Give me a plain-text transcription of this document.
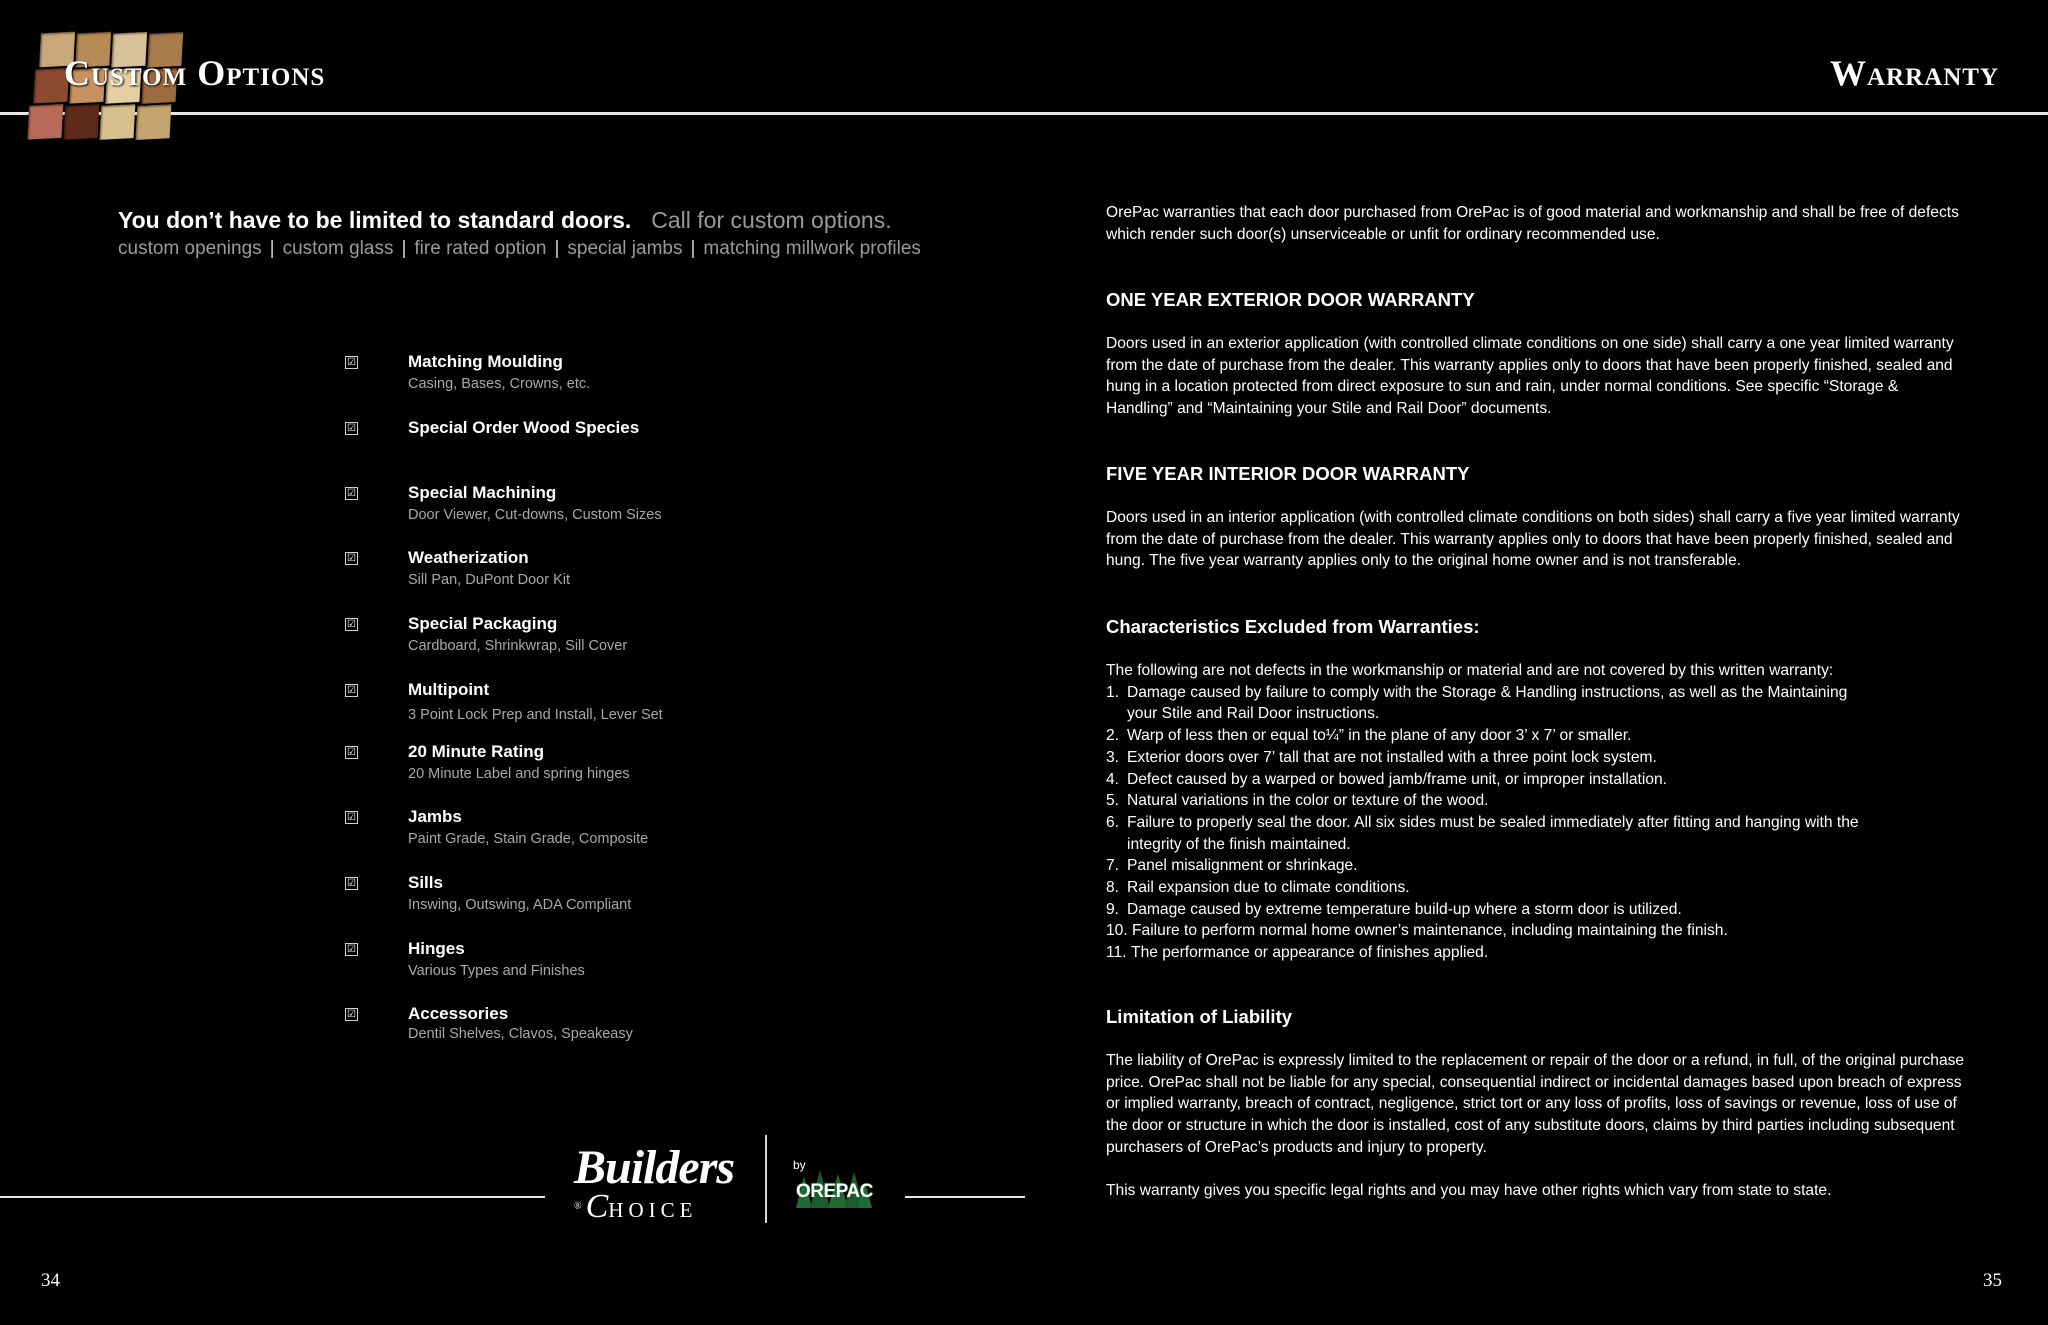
Custom Options	Warranty
You don’t have to be limited to standard doors. Call for custom options.
custom openings | custom glass | fire rated option | special jambs | matching millwork profiles
☑	Matching Moulding
Casing, Bases, Crowns, etc.
☑	Special Order Wood Species
☑	Special Machining
Door Viewer, Cut-downs, Custom Sizes
☑	Weatherization
Sill Pan, DuPont Door Kit
☑	Special Packaging
Cardboard, Shrinkwrap, Sill Cover
☑	Multipoint
3 Point Lock Prep and Install, Lever Set
☑	20 Minute Rating
20 Minute Label and spring hinges
☑	Jambs
Paint Grade, Stain Grade, Composite
☑	Sills
Inswing, Outswing, ADA Compliant
☑	Hinges
Various Types and Finishes
☑	Accessories
Dentil Shelves, Clavos, Speakeasy
Builders
® CHOICE
by
OREPAC
34
OrePac warranties that each door purchased from OrePac is of good material and workmanship and shall be free of defects which render such door(s) unserviceable or unfit for ordinary recommended use.
ONE YEAR EXTERIOR DOOR WARRANTY
Doors used in an exterior application (with controlled climate conditions on one side) shall carry a one year limited warranty from the date of purchase from the dealer. This warranty applies only to doors that have been properly finished, sealed and hung in a location protected from direct exposure to sun and rain, under normal conditions. See specific “Storage & Handling” and “Maintaining your Stile and Rail Door” documents.
FIVE YEAR INTERIOR DOOR WARRANTY
Doors used in an interior application (with controlled climate conditions on both sides) shall carry a five year limited warranty from the date of purchase from the dealer. This warranty applies only to doors that have been properly finished, sealed and hung. The five year warranty applies only to the original home owner and is not transferable.
Characteristics Excluded from Warranties:
The following are not defects in the workmanship or material and are not covered by this written warranty:
1. Damage caused by failure to comply with the Storage & Handling instructions, as well as the Maintaining
your Stile and Rail Door instructions.
2. Warp of less then or equal to¼” in the plane of any door 3’ x 7’ or smaller.
3. Exterior doors over 7’ tall that are not installed with a three point lock system.
4. Defect caused by a warped or bowed jamb/frame unit, or improper installation.
5. Natural variations in the color or texture of the wood.
6. Failure to properly seal the door. All six sides must be sealed immediately after fitting and hanging with the
integrity of the finish maintained.
7. Panel misalignment or shrinkage.
8. Rail expansion due to climate conditions.
9. Damage caused by extreme temperature build-up where a storm door is utilized.
10. Failure to perform normal home owner’s maintenance, including maintaining the finish.
11. The performance or appearance of finishes applied.
Limitation of Liability
The liability of OrePac is expressly limited to the replacement or repair of the door or a refund, in full, of the original purchase price. OrePac shall not be liable for any special, consequential indirect or incidental damages based upon breach of express or implied warranty, breach of contract, negligence, strict tort or any loss of profits, loss of savings or revenue, loss of use of the door or structure in which the door is installed, cost of any substitute doors, claims by third parties including subsequent purchasers of OrePac’s products and injury to property.
This warranty gives you specific legal rights and you may have other rights which vary from state to state.
35
